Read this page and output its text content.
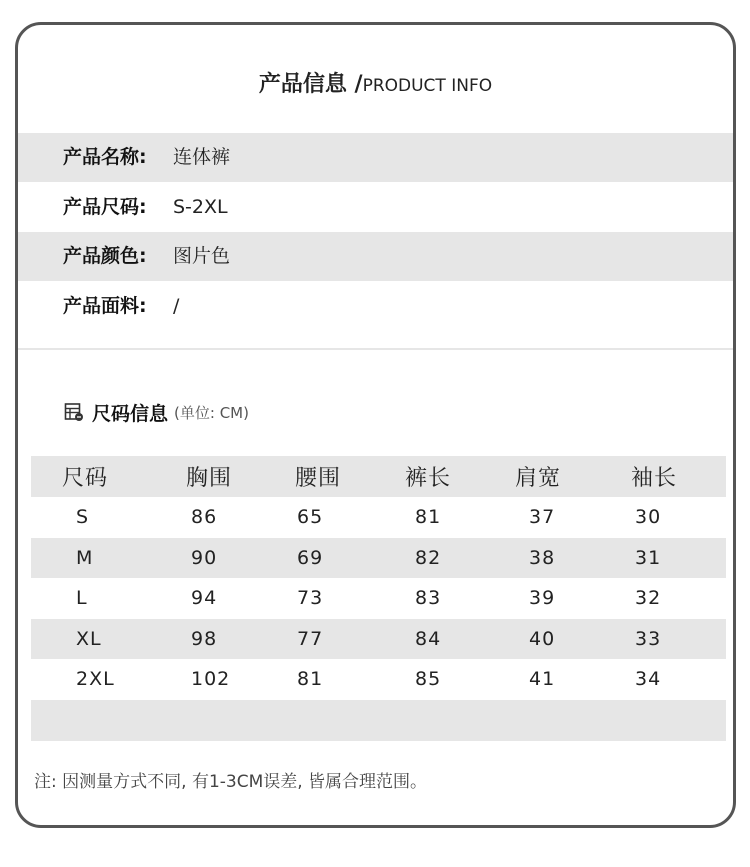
产品信息 /PRODUCT INFO
产品名称: 连体裤
产品尺码: S-2XL
产品颜色: 图片色
产品面料: /
尺码信息 (单位: CM)
尺码	胸围	腰围	裤长	肩宽	袖长
S	86	65	81	37	30
M	90	69	82	38	31
L	94	73	83	39	32
XL	98	77	84	40	33
2XL	102	81	85	41	34
注: 因测量方式不同, 有1-3CM误差, 皆属合理范围。
